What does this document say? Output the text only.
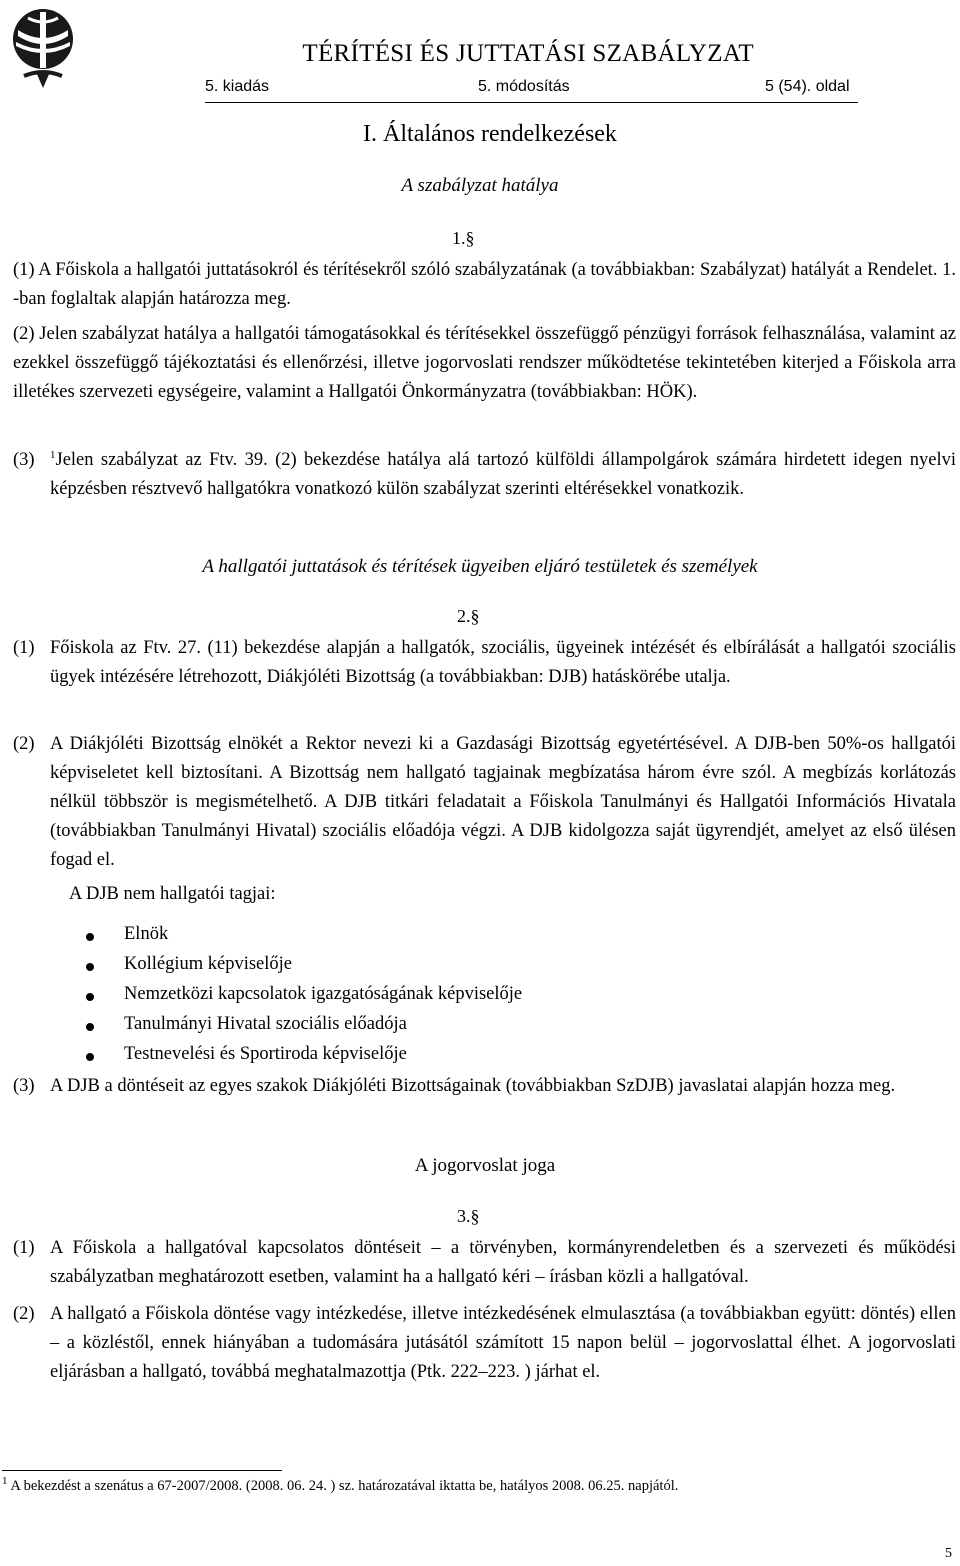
TÉRÍTÉSI ÉS JUTTATÁSI SZABÁLYZAT
5. kiadás	5. módosítás	5 (54). oldal
I. Általános rendelkezések
A szabályzat hatálya
1.§
(1) A Főiskola a hallgatói juttatásokról és térítésekről szóló szabályzatának (a továbbiakban: Szabályzat) hatályát a Rendelet. 1. -ban foglaltak alapján határozza meg.
(2) Jelen szabályzat hatálya a hallgatói támogatásokkal és térítésekkel összefüggő pénzügyi források felhasználása, valamint az ezekkel összefüggő tájékoztatási és ellenőrzési, illetve jogorvoslati rendszer működtetése tekintetében kiterjed a Főiskola arra illetékes szervezeti egységeire, valamint a Hallgatói Önkormányzatra (továbbiakban: HÖK).
(3) $^1$Jelen szabályzat az Ftv. 39. (2) bekezdése hatálya alá tartozó külföldi állampolgárok számára hirdetett idegen nyelvi képzésben résztvevő hallgatókra vonatkozó külön szabályzat szerinti eltérésekkel vonatkozik.
A hallgatói juttatások és térítések ügyeiben eljáró testületek és személyek
2.§
(1) Főiskola az Ftv. 27. (11) bekezdése alapján a hallgatók, szociális, ügyeinek intézését és elbírálását a hallgatói szociális ügyek intézésére létrehozott, Diákjóléti Bizottság (a továbbiakban: DJB) hatáskörébe utalja.
(2) A Diákjóléti Bizottság elnökét a Rektor nevezi ki a Gazdasági Bizottság egyetértésével. A DJB-ben 50%-os hallgatói képviseletet kell biztosítani. A Bizottság nem hallgató tagjainak megbízatása három évre szól. A megbízás korlátozás nélkül többször is megismételhető. A DJB titkári feladatait a Főiskola Tanulmányi és Hallgatói Információs Hivatala (továbbiakban Tanulmányi Hivatal) szociális előadója végzi. A DJB kidolgozza saját ügyrendjét, amelyet az első ülésen fogad el.
A DJB nem hallgatói tagjai:
Elnök
Kollégium képviselője
Nemzetközi kapcsolatok igazgatóságának képviselője
Tanulmányi Hivatal szociális előadója
Testnevelési és Sportiroda képviselője
(3) A DJB a döntéseit az egyes szakok Diákjóléti Bizottságainak (továbbiakban SzDJB) javaslatai alapján hozza meg.
A jogorvoslat joga
3.§
(1) A Főiskola a hallgatóval kapcsolatos döntéseit – a törvényben, kormányrendeletben és a szervezeti és működési szabályzatban meghatározott esetben, valamint ha a hallgató kéri – írásban közli a hallgatóval.
(2) A hallgató a Főiskola döntése vagy intézkedése, illetve intézkedésének elmulasztása (a továbbiakban együtt: döntés) ellen – a közléstől, ennek hiányában a tudomására jutásától számított 15 napon belül – jogorvoslattal élhet. A jogorvoslati eljárásban a hallgató, továbbá meghatalmazottja (Ptk. 222–223. ) járhat el.
$^1$ A bekezdést a szenátus a 67-2007/2008. (2008. 06. 24. ) sz. határozatával iktatta be, hatályos 2008. 06.25. napjától.
5
